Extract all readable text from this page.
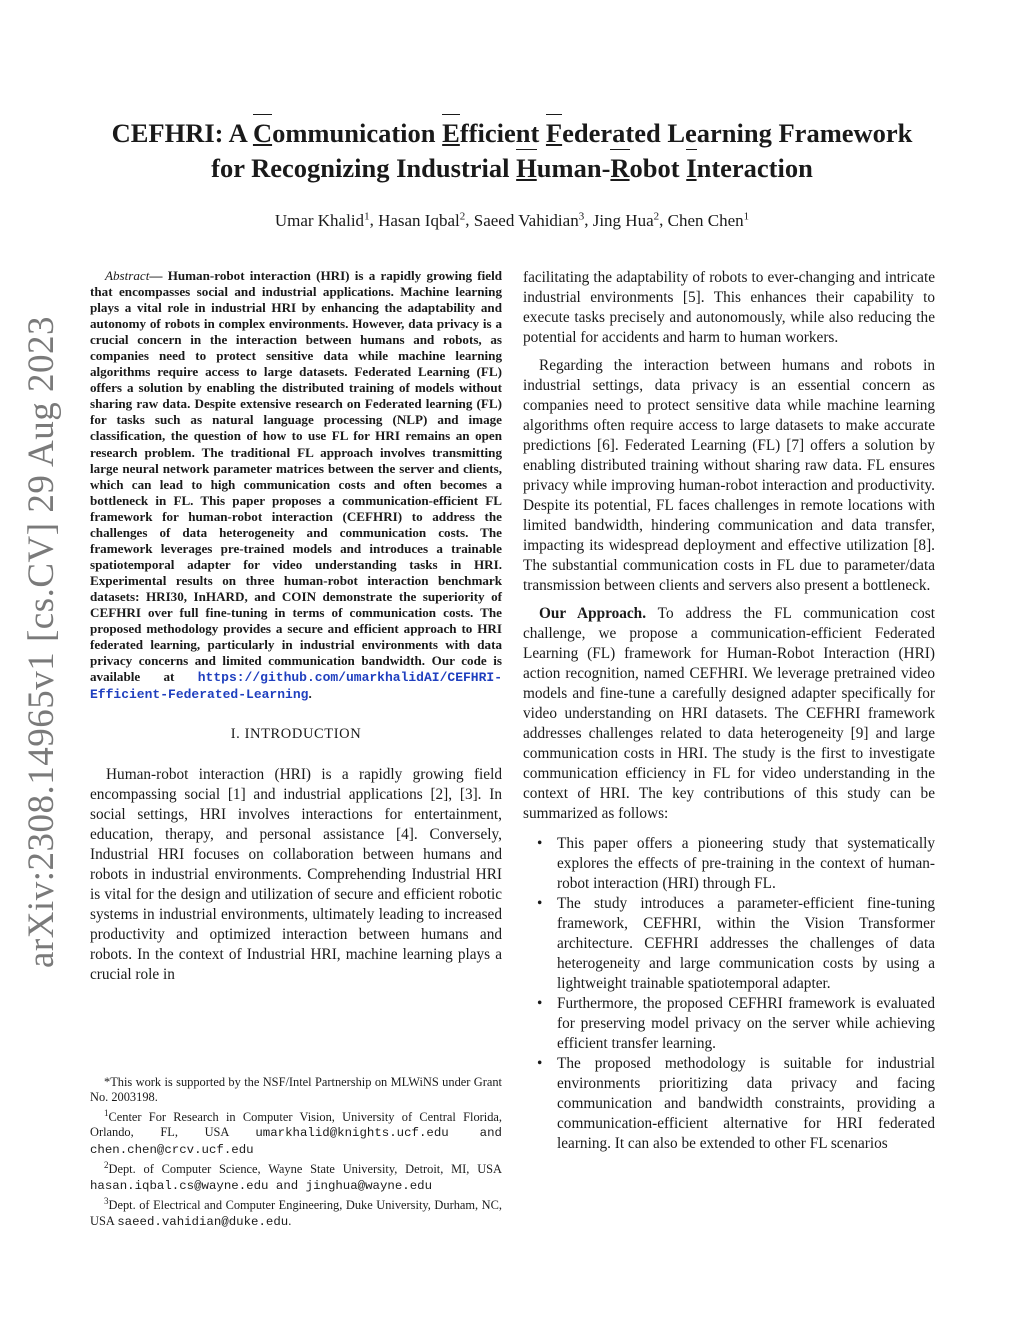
arXiv:2308.14965v1 [cs.CV] 29 Aug 2023
CEFHRI: A Communication Efficient Federated Learning Framework
for Recognizing Industrial Human-Robot Interaction
Umar Khalid$^1$, Hasan Iqbal$^2$, Saeed Vahidian$^3$, Jing Hua$^2$, Chen Chen$^1$

Abstract— Human-robot interaction (HRI) is a rapidly growing field that encompasses social and industrial applications. Machine learning plays a vital role in industrial HRI by enhancing the adaptability and autonomy of robots in complex environments. However, data privacy is a crucial concern in the interaction between humans and robots, as companies need to protect sensitive data while machine learning algorithms require access to large datasets. Federated Learning (FL) offers a solution by enabling the distributed training of models without sharing raw data. Despite extensive research on Federated learning (FL) for tasks such as natural language processing (NLP) and image classification, the question of how to use FL for HRI remains an open research problem. The traditional FL approach involves transmitting large neural network parameter matrices between the server and clients, which can lead to high communication costs and often becomes a bottleneck in FL. This paper proposes a communication-efficient FL framework for human-robot interaction (CEFHRI) to address the challenges of data heterogeneity and communication costs. The framework leverages pre-trained models and introduces a trainable spatiotemporal adapter for video understanding tasks in HRI. Experimental results on three human-robot interaction benchmark datasets: HRI30, InHARD, and COIN demonstrate the superiority of CEFHRI over full fine-tuning in terms of communication costs. The proposed methodology provides a secure and efficient approach to HRI federated learning, particularly in industrial environments with data privacy concerns and limited communication bandwidth. Our code is available at https://github.com/umarkhalidAI/CEFHRI-Efficient-Federated-Learning.

I. INTRODUCTION

Human-robot interaction (HRI) is a rapidly growing field encompassing social [1] and industrial applications [2], [3]. In social settings, HRI involves interactions for entertainment, education, therapy, and personal assistance [4]. Conversely, Industrial HRI focuses on collaboration between humans and robots in industrial environments. Comprehending Industrial HRI is vital for the design and utilization of secure and efficient robotic systems in industrial environments, ultimately leading to increased productivity and optimized interaction between humans and robots. In the context of Industrial HRI, machine learning plays a crucial role in

*This work is supported by the NSF/Intel Partnership on MLWiNS under Grant No. 2003198.

$^1$Center For Research in Computer Vision, University of Central Florida, Orlando, FL, USA umarkhalid@knights.ucf.edu and chen.chen@crcv.ucf.edu

$^2$Dept. of Computer Science, Wayne State University, Detroit, MI, USA hasan.iqbal.cs@wayne.edu and jinghua@wayne.edu

$^3$Dept. of Electrical and Computer Engineering, Duke University, Durham, NC, USA saeed.vahidian@duke.edu.

facilitating the adaptability of robots to ever-changing and intricate industrial environments [5]. This enhances their capability to execute tasks precisely and autonomously, while also reducing the potential for accidents and harm to human workers.

Regarding the interaction between humans and robots in industrial settings, data privacy is an essential concern as companies need to protect sensitive data while machine learning algorithms often require access to large datasets to make accurate predictions [6]. Federated Learning (FL) [7] offers a solution by enabling distributed training without sharing raw data. FL ensures privacy while improving human-robot interaction and productivity. Despite its potential, FL faces challenges in remote locations with limited bandwidth, hindering communication and data transfer, impacting its widespread deployment and effective utilization [8]. The substantial communication costs in FL due to parameter/data transmission between clients and servers also present a bottleneck.

Our Approach. To address the FL communication cost challenge, we propose a communication-efficient Federated Learning (FL) framework for Human-Robot Interaction (HRI) action recognition, named CEFHRI. We leverage pretrained video models and fine-tune a carefully designed adapter specifically for video understanding on HRI datasets. The CEFHRI framework addresses challenges related to data heterogeneity [9] and large communication costs in HRI. The study is the first to investigate communication efficiency in FL for video understanding in the context of HRI. The key contributions of this study can be summarized as follows:

• This paper offers a pioneering study that systematically explores the effects of pre-training in the context of human-robot interaction (HRI) through FL.
• The study introduces a parameter-efficient fine-tuning framework, CEFHRI, within the Vision Transformer architecture. CEFHRI addresses the challenges of data heterogeneity and large communication costs by using a lightweight trainable spatiotemporal adapter.
• Furthermore, the proposed CEFHRI framework is evaluated for preserving model privacy on the server while achieving efficient transfer learning.
• The proposed methodology is suitable for industrial environments prioritizing data privacy and facing communication and bandwidth constraints, providing a communication-efficient alternative for HRI federated learning. It can also be extended to other FL scenarios
